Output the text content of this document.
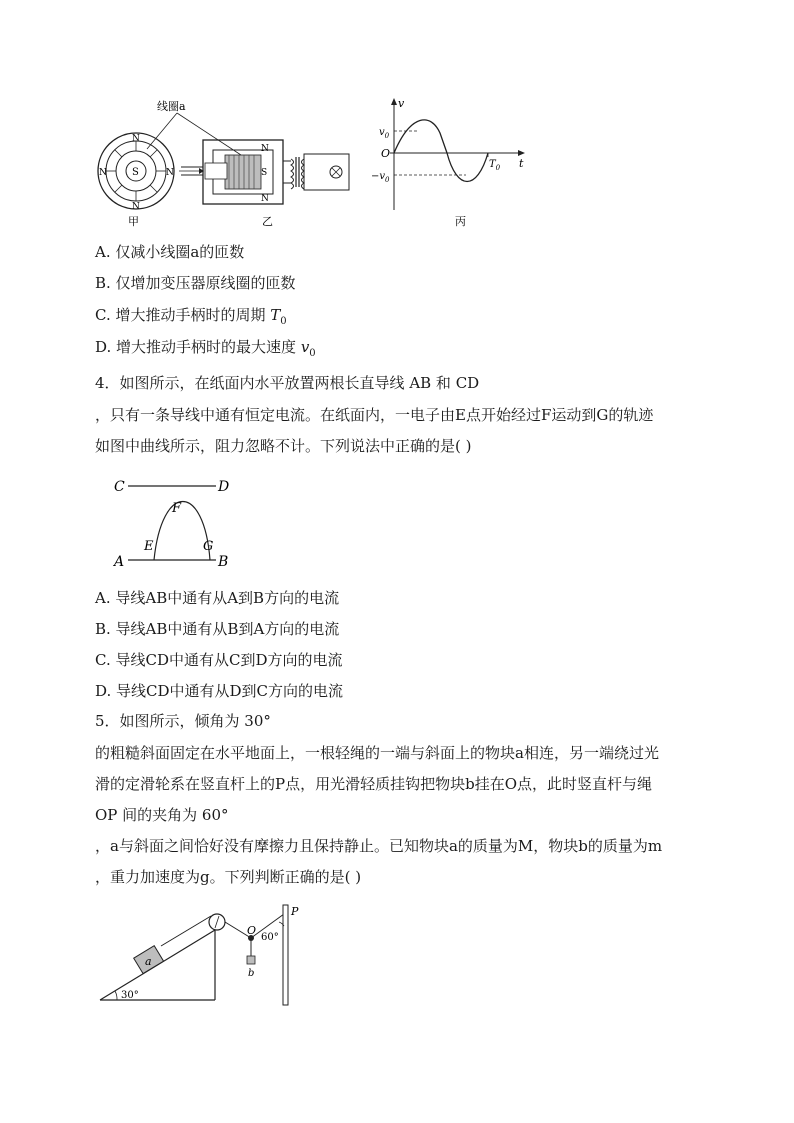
S
N
N
N	N
N
S
N
线圈a	v
t
O
$v_0$
$-v_0$
$T_0$
甲	乙	丙
A. 仅减小线圈a的匝数
B. 仅增加变压器原线圈的匝数
C. 增大推动手柄时的周期 $T_0$
D. 增大推动手柄时的最大速度 $v_0$
4．如图所示，在纸面内水平放置两根长直导线 AB 和 CD
，只有一条导线中通有恒定电流。在纸面内，一电子由E点开始经过F运动到G的轨迹
如图中曲线所示，阻力忽略不计。下列说法中正确的是( )
C	D
A	B
E
F
G
A. 导线AB中通有从A到B方向的电流
B. 导线AB中通有从B到A方向的电流
C. 导线CD中通有从C到D方向的电流
D. 导线CD中通有从D到C方向的电流
5．如图所示，倾角为 30°
的粗糙斜面固定在水平地面上，一根轻绳的一端与斜面上的物块a相连，另一端绕过光
滑的定滑轮系在竖直杆上的P点，用光滑轻质挂钩把物块b挂在O点，此时竖直杆与绳
OP 间的夹角为 60°
，a与斜面之间恰好没有摩擦力且保持静止。已知物块a的质量为M，物块b的质量为m
，重力加速度为g。下列判断正确的是( )
30°
a
b
O
P
60°
